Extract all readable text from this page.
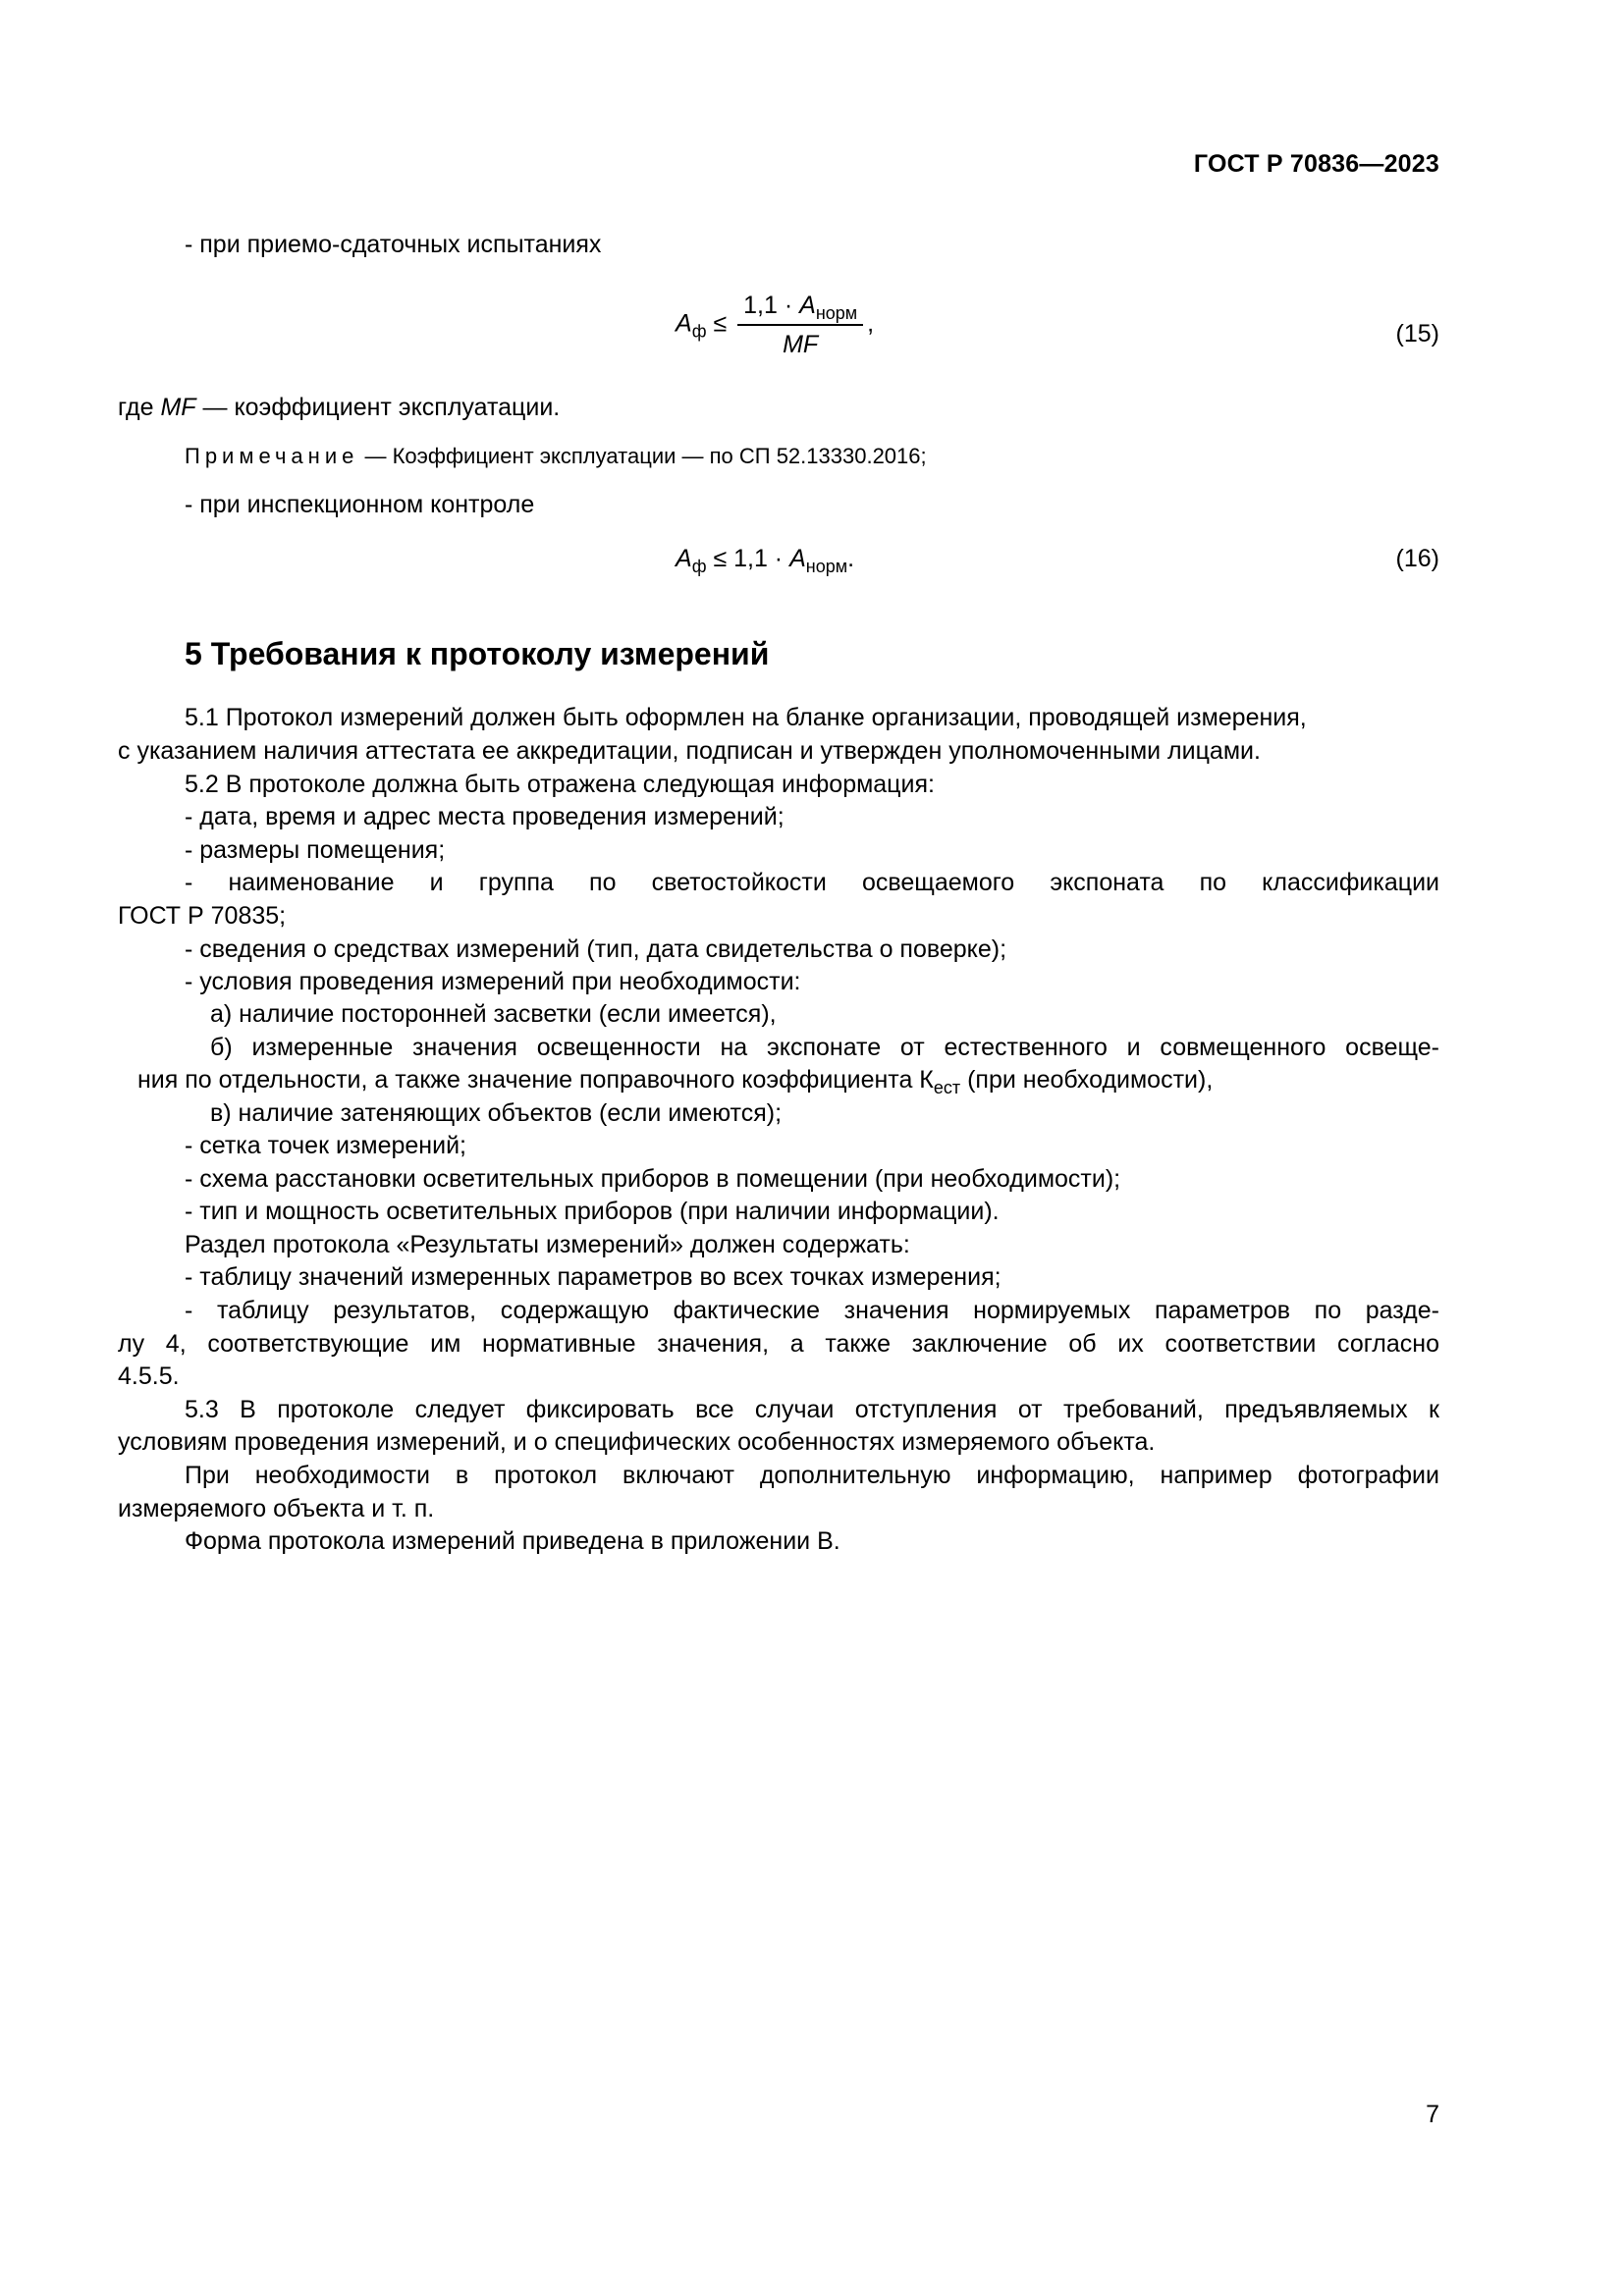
ГОСТ Р 70836—2023
- при приемо-сдаточных испытаниях
$A_ф \le \frac{1,1 \cdot A_{норм}}{MF}$ ,	(15)
где MF — коэффициент эксплуатации.
Примечание — Коэффициент эксплуатации — по СП 52.13330.2016;
- при инспекционном контроле
$A_ф \le 1,1 \cdot A_{норм}$.	(16)
5 Требования к протоколу измерений
5.1 Протокол измерений должен быть оформлен на бланке организации, проводящей измерения,
с указанием наличия аттестата ее аккредитации, подписан и утвержден уполномоченными лицами.
5.2 В протоколе должна быть отражена следующая информация:
- дата, время и адрес места проведения измерений;
- размеры помещения;
- наименование и группа по светостойкости освещаемого экспоната по классификации
ГОСТ Р 70835;
- сведения о средствах измерений (тип, дата свидетельства о поверке);
- условия проведения измерений при необходимости:
а) наличие посторонней засветки (если имеется),
б) измеренные значения освещенности на экспонате от естественного и совмещенного освеще-
ния по отдельности, а также значение поправочного коэффициента $К_{ест}$ (при необходимости),
в) наличие затеняющих объектов (если имеются);
- сетка точек измерений;
- схема расстановки осветительных приборов в помещении (при необходимости);
- тип и мощность осветительных приборов (при наличии информации).
Раздел протокола «Результаты измерений» должен содержать:
- таблицу значений измеренных параметров во всех точках измерения;
- таблицу результатов, содержащую фактические значения нормируемых параметров по разде-
лу 4, соответствующие им нормативные значения, а также заключение об их соответствии согласно
4.5.5.
5.3 В протоколе следует фиксировать все случаи отступления от требований, предъявляемых к
условиям проведения измерений, и о специфических особенностях измеряемого объекта.
При необходимости в протокол включают дополнительную информацию, например фотографии
измеряемого объекта и т. п.
Форма протокола измерений приведена в приложении В.
7
